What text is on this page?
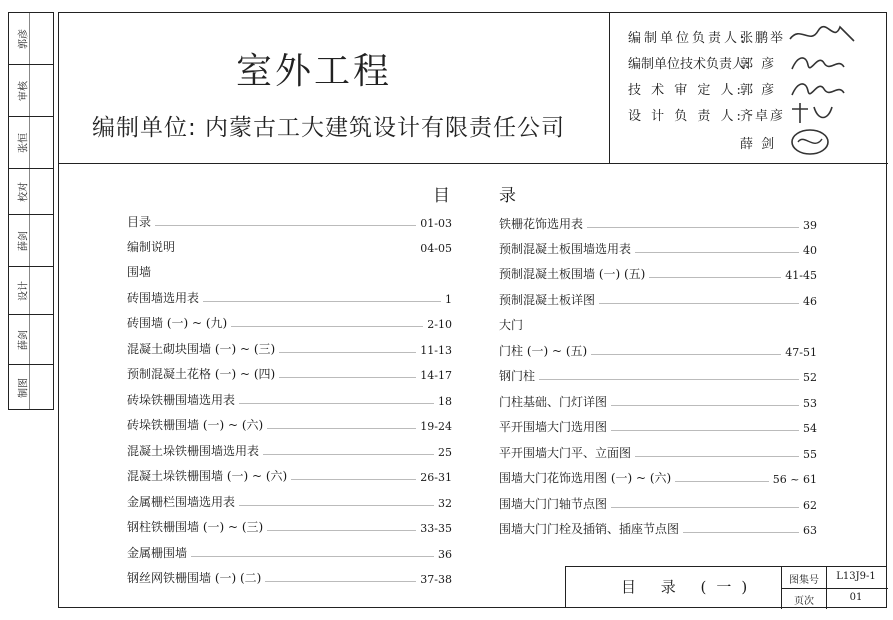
郭彦
审核
张恒
校对
薛剑
设计
薛剑
制图
室外工程
编制单位: 内蒙古工大建筑设计有限责任公司
编制单位负责人:
张鹏举
编制单位技术负责人:
郭 彦
技 术 审 定 人:
郭 彦
设 计 负 责 人:
齐卓彦
薛 剑
目	录
目录	01-03
编制说明	04-05
围墙
砖围墙选用表	1
砖围墙 (一) ~ (九)	2-10
混凝土砌块围墙 (一) ~ (三)	11-13
预制混凝土花格 (一) ~ (四)	14-17
砖垛铁栅围墙选用表	18
砖垛铁栅围墙 (一) ~ (六)	19-24
混凝土垛铁栅围墙选用表	25
混凝土垛铁栅围墙 (一) ~ (六)	26-31
金属栅栏围墙选用表	32
钢柱铁栅围墙 (一) ~ (三)	33-35
金属栅围墙	36
钢丝网铁栅围墙 (一) (二)	37-38
铁栅花饰选用表	39
预制混凝土板围墙选用表	40
预制混凝土板围墙 (一) (五)	41-45
预制混凝土板详图	46
大门
门柱 (一) ~ (五)	47-51
钢门柱	52
门柱基础、门灯详图	53
平开围墙大门选用图	54
平开围墙大门平、立面图	55
围墙大门花饰选用图 (一) ~ (六)	56 ~ 61
围墙大门门轴节点图	62
围墙大门门栓及插销、插座节点图	63
目 录 (一)	图集号	L13J9-1
页次	01
